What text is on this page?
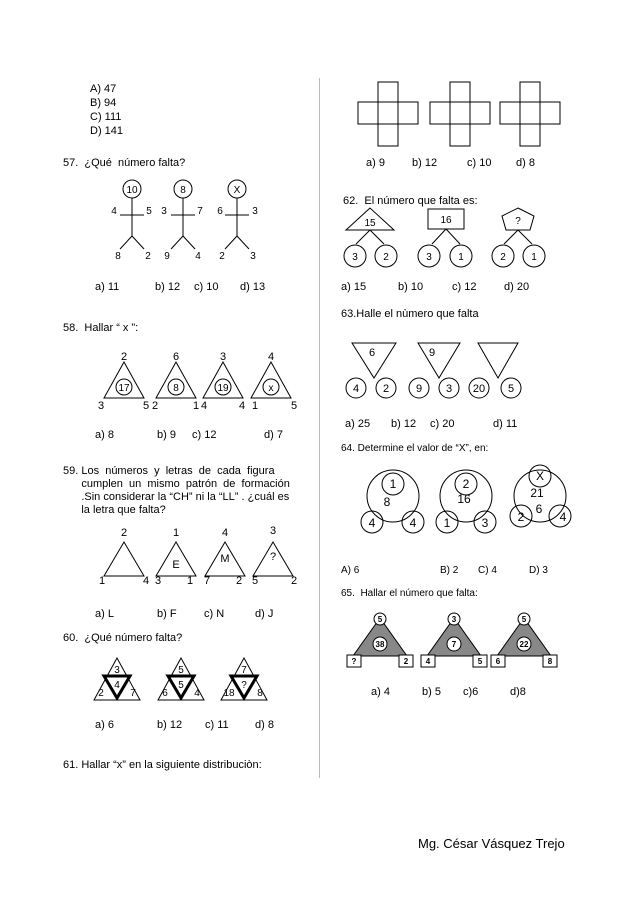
A) 47
B) 94
C) 111
D) 141
57.  ¿Qué  número falta?
10
4	5
8 2
8
3	7
9	4
X
6	3
2	3
a) 11	b) 12 c) 10 d) 13
58.  Hallar “ x ”:
2
17
3	5
6
8
2	1
3
19
4	4
4
x
1	5
a) 8	b) 9 c) 12	d) 7
59. Los  números  y  letras  de  cada  figura
cumplen  un  mismo  patrón  de  formación
.Sin considerar la “CH” ni la “LL” . ¿cuál es
la letra que falta?
2
1	4
1
E
3 1
4
M
7 2
3
?
5	2
a) L	b) F c) N	d) J
60.  ¿Qué número falta?
3
4
2	7
5
5
6	4
7
?
18 8
a) 6	b) 12 c) 11 d) 8
61. Hallar “x” en la siguiente distribuciòn:
a) 9 b) 12	c) 10 d) 8
62.  El número que falta es:
15
3	2
16
3	1
?
2	1
a) 15	b) 10	c) 12	d) 20
63.Halle el nùmero que falta
6
4 2
9
9 3 20 5
a) 25 b) 12 c) 20	d) 11
64. Determine el valor de “X”, en:
1
8
4	4
2
16
1	3
X
21
6
2	4
A) 6	B) 2 C) 4	D) 3
65.  Hallar el número que falta:
5
38
?	2
3
7
4	5
5
22
6	8
a) 4	b) 5 c)6	d)8
Mg. César Vásquez Trejo
